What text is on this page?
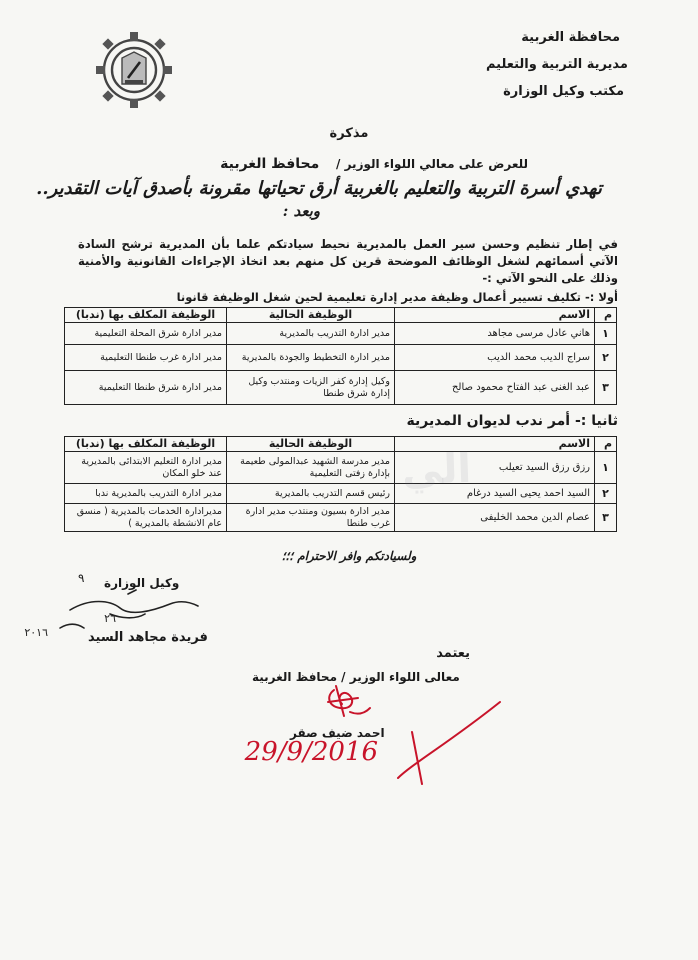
محافظة الغربية
مديرية التربية والتعليم
مكتب وكيل الوزارة
مذكرة
للعرض على معالي اللواء الوزير /    محافظ الغربية
تهدي أسرة التربية والتعليم بالغربية أرق تحياتها مقرونة بأصدق آيات التقدير..
وبعد :
في إطار تنظيم وحسن سير العمل بالمديرية نحيط سيادتكم علما بأن المديرية ترشح السادة الآتي أسمائهم لشغل الوظائف الموضحة قرين كل منهم بعد اتخاذ الإجراءات القانونية والأمنية وذلك على النحو الآتي :-
أولا :- تكليف تسيير أعمال وظيفة مدير إدارة تعليمية لحين شغل الوظيفة قانونا
م	الاسم	الوظيفة الحالية	الوظيفة المكلف بها (ندبا)
١	هاني عادل مرسى مجاهد	مدير ادارة التدريب بالمديرية	مدير ادارة شرق المحلة التعليمية
٢	سراج الديب محمد الديب	مدير ادارة التخطيط والجودة بالمديرية	مدير ادارة غرب طنطا التعليمية
٣	عبد الغنى عبد الفتاح محمود صالح	وكيل إدارة كفر الزيات ومنتدب وكيل إدارة شرق طنطا	مدير ادارة شرق طنطا التعليمية
ثانيا :- أمر ندب لديوان المديرية
م	الاسم	الوظيفة الحالية	الوظيفة المكلف بها (ندبا)
١	رزق رزق السيد تعيلب	مدير مدرسة الشهيد عبدالمولى طعيمة بإدارة زفتى التعليمية	مدير ادارة التعليم الابتدائى بالمديرية عند خلو المكان
٢	السيد احمد يحيى السيد درغام	رئيس قسم التدريب بالمديرية	مدير ادارة التدريب بالمديرية ندبا
٣	عصام الدين محمد الخليفى	مدير ادارة بسيون ومنتدب مدير ادارة غرب طنطا	مديرادارة الخدمات بالمديرية ( منسق عام الانشطة بالمديرية )
الي
ولسيادتكم وافر الاحترام ؛؛؛
وكيل الوزارة
٢٦
٢٠١٦
٩
فريدة مجاهد السيد
يعتمد
معالى اللواء الوزير / محافظ الغربية
احمد ضيف صقر
29/9/2016
